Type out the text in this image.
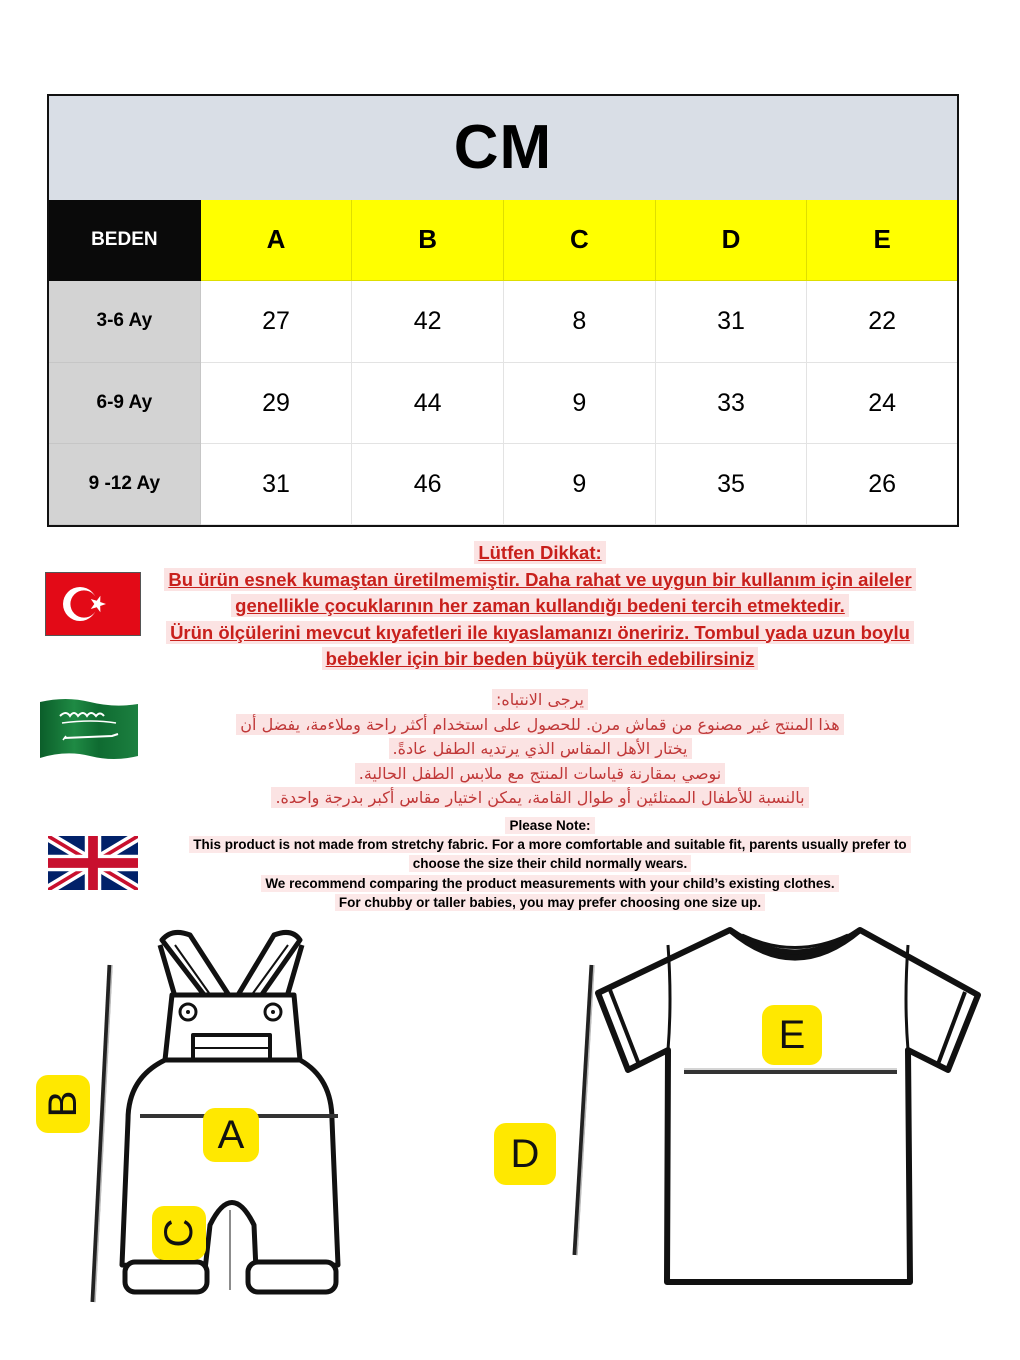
CM
BEDEN	A	B	C	D	E
3-6 Ay	27	42	8	31	22
6-9 Ay	29	44	9	33	24
9 -12 Ay	31	46	9	35	26
Lütfen Dikkat:
Bu ürün esnek kumaştan üretilmemiştir. Daha rahat ve uygun bir kullanım için aileler
genellikle çocuklarının her zaman kullandığı bedeni tercih etmektedir.
Ürün ölçülerini mevcut kıyafetleri ile kıyaslamanızı öneririz. Tombul yada uzun boylu
bebekler için bir beden büyük tercih edebilirsiniz
يرجى الانتباه:
هذا المنتج غير مصنوع من قماش مرن. للحصول على استخدام أكثر راحة وملاءمة، يفضل أن
يختار الأهل المقاس الذي يرتديه الطفل عادةً.
نوصي بمقارنة قياسات المنتج مع ملابس الطفل الحالية.
بالنسبة للأطفال الممتلئين أو طوال القامة، يمكن اختيار مقاس أكبر بدرجة واحدة.
Please Note:
This product is not made from stretchy fabric. For a more comfortable and suitable fit, parents usually prefer to
choose the size their child normally wears.
We recommend comparing the product measurements with your child’s existing clothes.
For chubby or taller babies, you may prefer choosing one size up.
B
A
C
D
E
